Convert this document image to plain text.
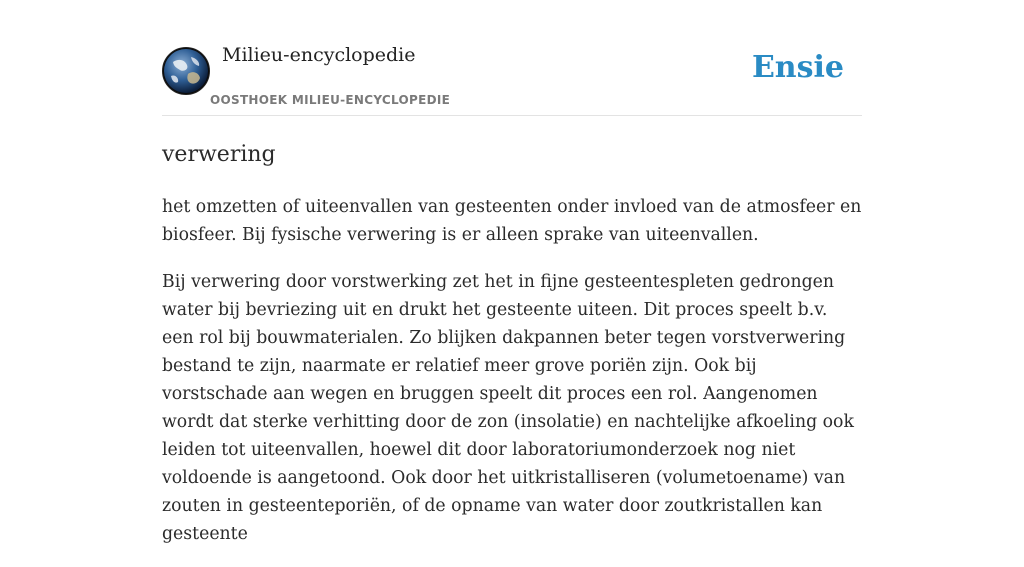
Milieu-encyclopedie
OOSTHOEK MILIEU-ENCYCLOPEDIE
Ensie
verwering

het omzetten of uiteenvallen van gesteenten onder invloed van de atmosfeer en biosfeer. Bij fysische verwering is er alleen sprake van uiteenvallen.

Bij verwering door vorstwerking zet het in fijne gesteentespleten gedrongen water bij bevriezing uit en drukt het gesteente uiteen. Dit proces speelt b.v. een rol bij bouwmaterialen. Zo blijken dakpannen beter tegen vorstverwering bestand te zijn, naarmate er relatief meer grove poriën zijn. Ook bij vorstschade aan wegen en bruggen speelt dit proces een rol. Aangenomen wordt dat sterke verhitting door de zon (insolatie) en nachtelijke afkoeling ook leiden tot uiteenvallen, hoewel dit door laboratoriumonderzoek nog niet voldoende is aangetoond. Ook door het uitkristalliseren (volumetoename) van zouten in gesteenteporiën, of de opname van water door zoutkristallen kan gesteente
